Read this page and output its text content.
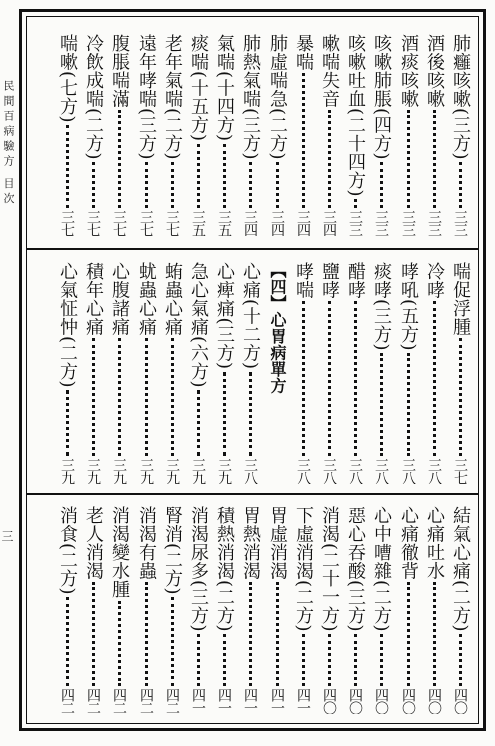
民間百病驗方 目次
三
肺癰咳嗽(三方)
三三
酒後咳嗽
三三
酒痰咳嗽
三三
咳嗽肺脹(四方)
三三
咳嗽吐血(二十四方)
三三
嗽喘失音
三四
暴喘
三四
肺虛喘急(二方)
三四
肺熱氣喘(三方)
三四
氣喘(十四方)
三五
痰喘(十五方)
三五
老年氣喘(二方)
三七
遠年哮喘(三方)
三七
腹脹喘滿
三七
冷飲成喘(二方)
三七
喘嗽(七方)
三七
喘促浮腫
三七
冷哮
三八
哮吼(五方)
三八
痰哮(三方)
三八
醋哮
三八
鹽哮
三八
哮喘
三八
【四】心胃病單方
心痛(十二方)
三八
心痺痛(三方)
三九
急心氣痛(六方)
三九
蛕蟲心痛
三九
蚘蟲心痛
三九
心腹諸痛
三九
積年心痛
三九
心氣怔忡(二方)
三九
結氣心痛(二方)
四〇
心痛吐水
四〇
心痛徹背
四〇
心中嘈雜(二方)
四〇
惡心吞酸(三方)
四〇
消渴(二十一方)
四〇
下虛消渴(二方)
四一
胃虛消渴
四一
胃熱消渴
四一
積熱消渴(二方)
四一
消渴尿多(三方)
四一
腎消(二方)
四二
消渴有蟲
四二
消渴變水腫
四二
老人消渴
四二
消食(二方)
四二
